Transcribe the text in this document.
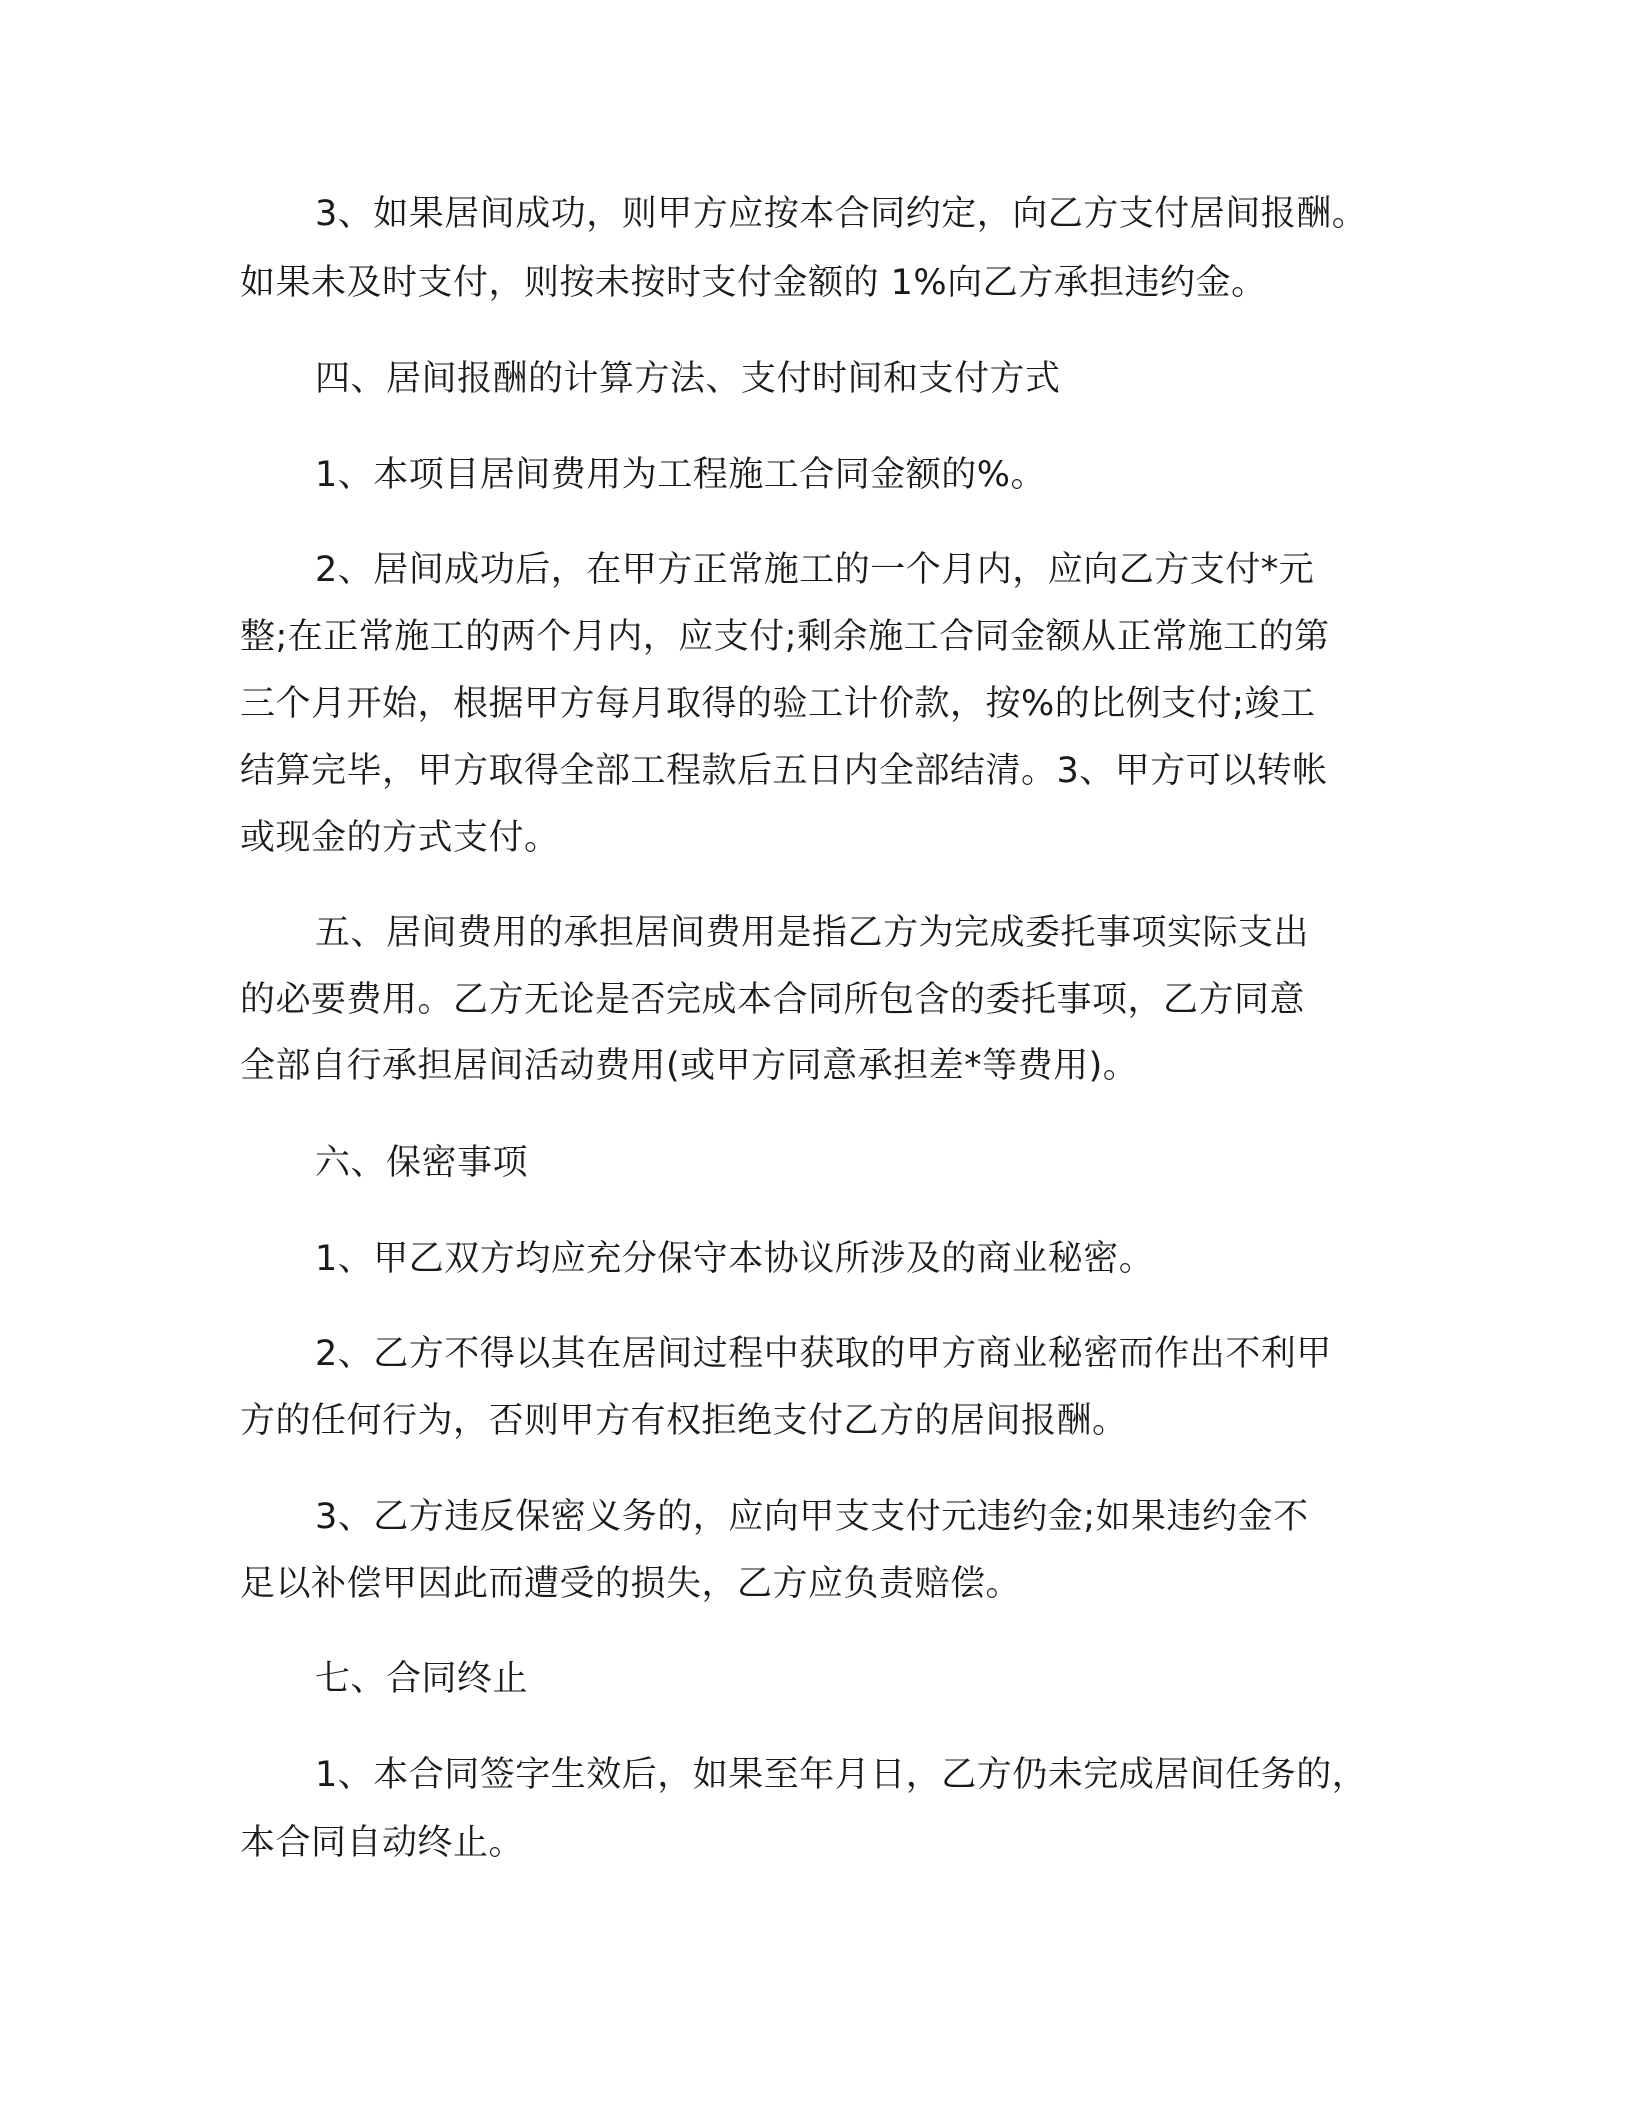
3、如果居间成功，则甲方应按本合同约定，向乙方支付居间报酬。
如果未及时支付，则按未按时支付金额的 1%向乙方承担违约金。
四、居间报酬的计算方法、支付时间和支付方式
1、本项目居间费用为工程施工合同金额的%。
2、居间成功后，在甲方正常施工的一个月内，应向乙方支付*元
整;在正常施工的两个月内，应支付;剩余施工合同金额从正常施工的第
三个月开始，根据甲方每月取得的验工计价款，按%的比例支付;竣工
结算完毕，甲方取得全部工程款后五日内全部结清。3、甲方可以转帐
或现金的方式支付。
五、居间费用的承担居间费用是指乙方为完成委托事项实际支出
的必要费用。乙方无论是否完成本合同所包含的委托事项，乙方同意
全部自行承担居间活动费用(或甲方同意承担差*等费用)。
六、保密事项
1、甲乙双方均应充分保守本协议所涉及的商业秘密。
2、乙方不得以其在居间过程中获取的甲方商业秘密而作出不利甲
方的任何行为，否则甲方有权拒绝支付乙方的居间报酬。
3、乙方违反保密义务的，应向甲支支付元违约金;如果违约金不
足以补偿甲因此而遭受的损失，乙方应负责赔偿。
七、合同终止
1、本合同签字生效后，如果至年月日，乙方仍未完成居间任务的，
本合同自动终止。
